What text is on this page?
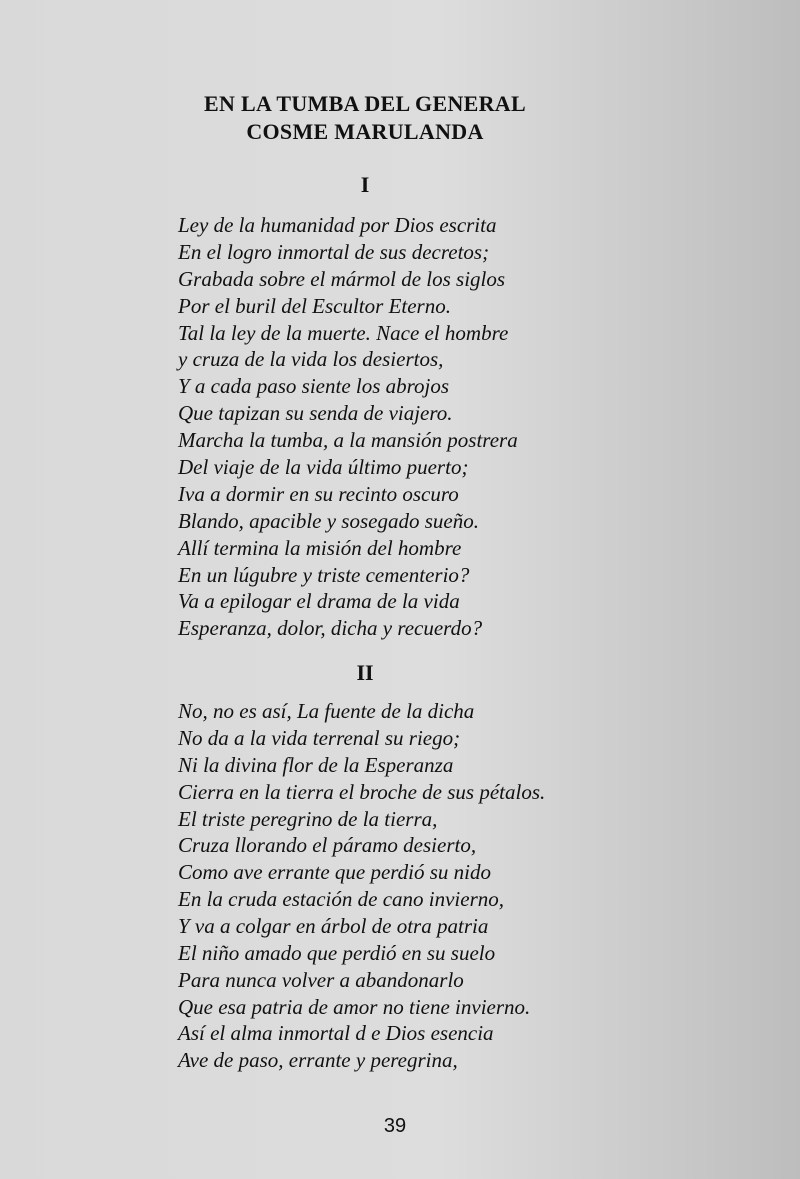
EN LA TUMBA DEL GENERAL
COSME MARULANDA
I
Ley de la humanidad por Dios escrita
En el logro inmortal de sus decretos;
Grabada sobre el mármol de los siglos
Por el buril del Escultor Eterno.
Tal la ley de la muerte. Nace el hombre
y cruza de la vida los desiertos,
Y a cada paso siente los abrojos
Que tapizan su senda de viajero.
Marcha la tumba, a la mansión postrera
Del viaje de la vida último puerto;
Iva a dormir en su recinto oscuro
Blando, apacible y sosegado sueño.
Allí termina la misión del hombre
En un lúgubre y triste cementerio?
Va a epilogar el drama de la vida
Esperanza, dolor, dicha y recuerdo?
II
No, no es así, La fuente de la dicha
No da a la vida terrenal su riego;
Ni la divina flor de la Esperanza
Cierra en la tierra el broche de sus pétalos.
El triste peregrino de la tierra,
Cruza llorando el páramo desierto,
Como ave errante que perdió su nido
En la cruda estación de cano invierno,
Y va a colgar en árbol de otra patria
El niño amado que perdió en su suelo
Para nunca volver a abandonarlo
Que esa patria de amor no tiene invierno.
Así el alma inmortal d e Dios esencia
Ave de paso, errante y peregrina,
39
